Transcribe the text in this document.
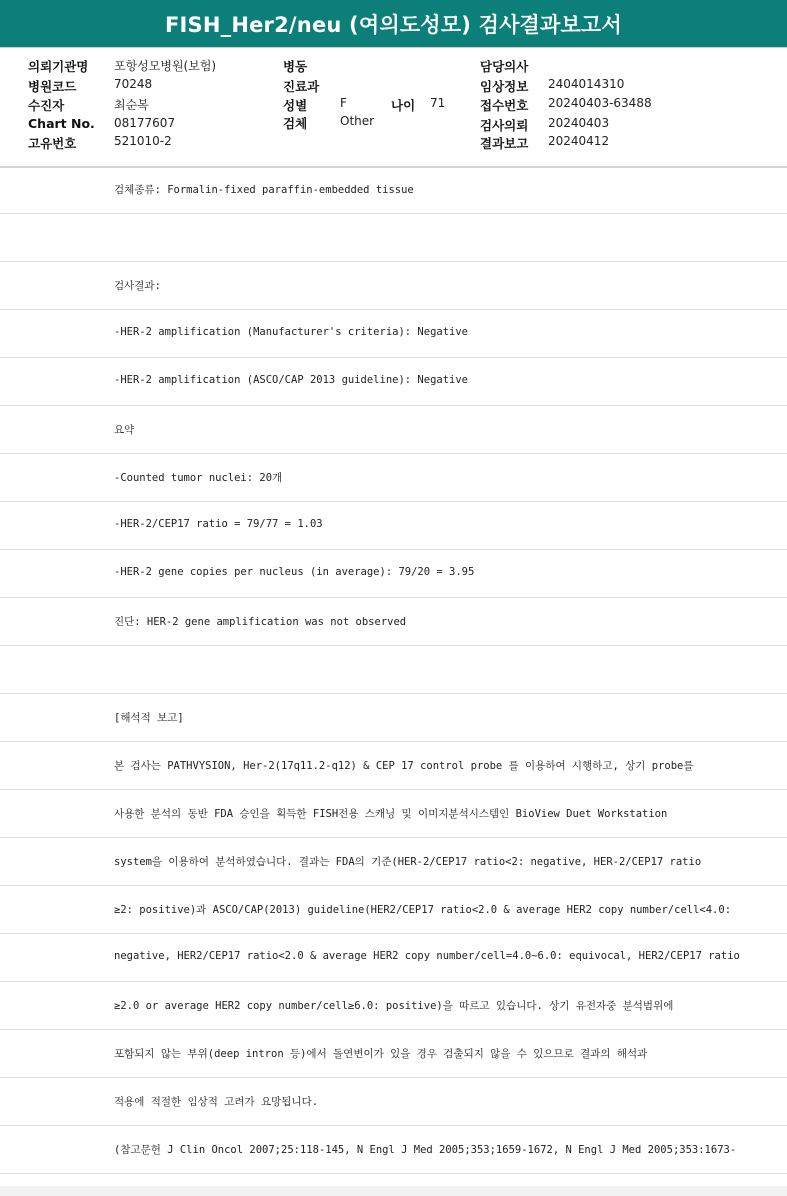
FISH_Her2/neu (여의도성모) 검사결과보고서
의뢰기관명 포항성모병원(보험)
병원코드	70248
수진자	최순복
Chart No. 08177607
고유번호	521010-2
병동
진료과
성별	F	나이 71
검체	Other
담당의사
임상정보 2404014310
접수번호 20240403-63488
검사의뢰 20240403
결과보고 20240412
검체종류: Formalin-fixed paraffin-embedded tissue
검사결과:
-HER-2 amplification (Manufacturer's criteria): Negative
-HER-2 amplification (ASCO/CAP 2013 guideline): Negative
요약
-Counted tumor nuclei: 20개
-HER-2/CEP17 ratio = 79/77 = 1.03
-HER-2 gene copies per nucleus (in average): 79/20 = 3.95
진단: HER-2 gene amplification was not observed
[해석적 보고]
본 검사는 PATHVYSION, Her-2(17q11.2-q12) & CEP 17 control probe 를 이용하여 시행하고, 상기 probe를
사용한 분석의 동반 FDA 승인을 획득한 FISH전용 스캐닝 및 이미지분석시스템인 BioView Duet Workstation
system을 이용하여 분석하였습니다. 결과는 FDA의 기준(HER-2/CEP17 ratio<2: negative, HER-2/CEP17 ratio
≥2: positive)과 ASCO/CAP(2013) guideline(HER2/CEP17 ratio<2.0 & average HER2 copy number/cell<4.0:
negative, HER2/CEP17 ratio<2.0 & average HER2 copy number/cell=4.0~6.0: equivocal, HER2/CEP17 ratio
≥2.0 or average HER2 copy number/cell≥6.0: positive)을 따르고 있습니다. 상기 유전자중 분석범위에
포함되지 않는 부위(deep intron 등)에서 돌연변이가 있을 경우 검출되지 않을 수 있으므로 결과의 해석과
적용에 적절한 임상적 고려가 요망됩니다.
(참고문헌 J Clin Oncol 2007;25:118-145, N Engl J Med 2005;353;1659-1672, N Engl J Med 2005;353:1673-
